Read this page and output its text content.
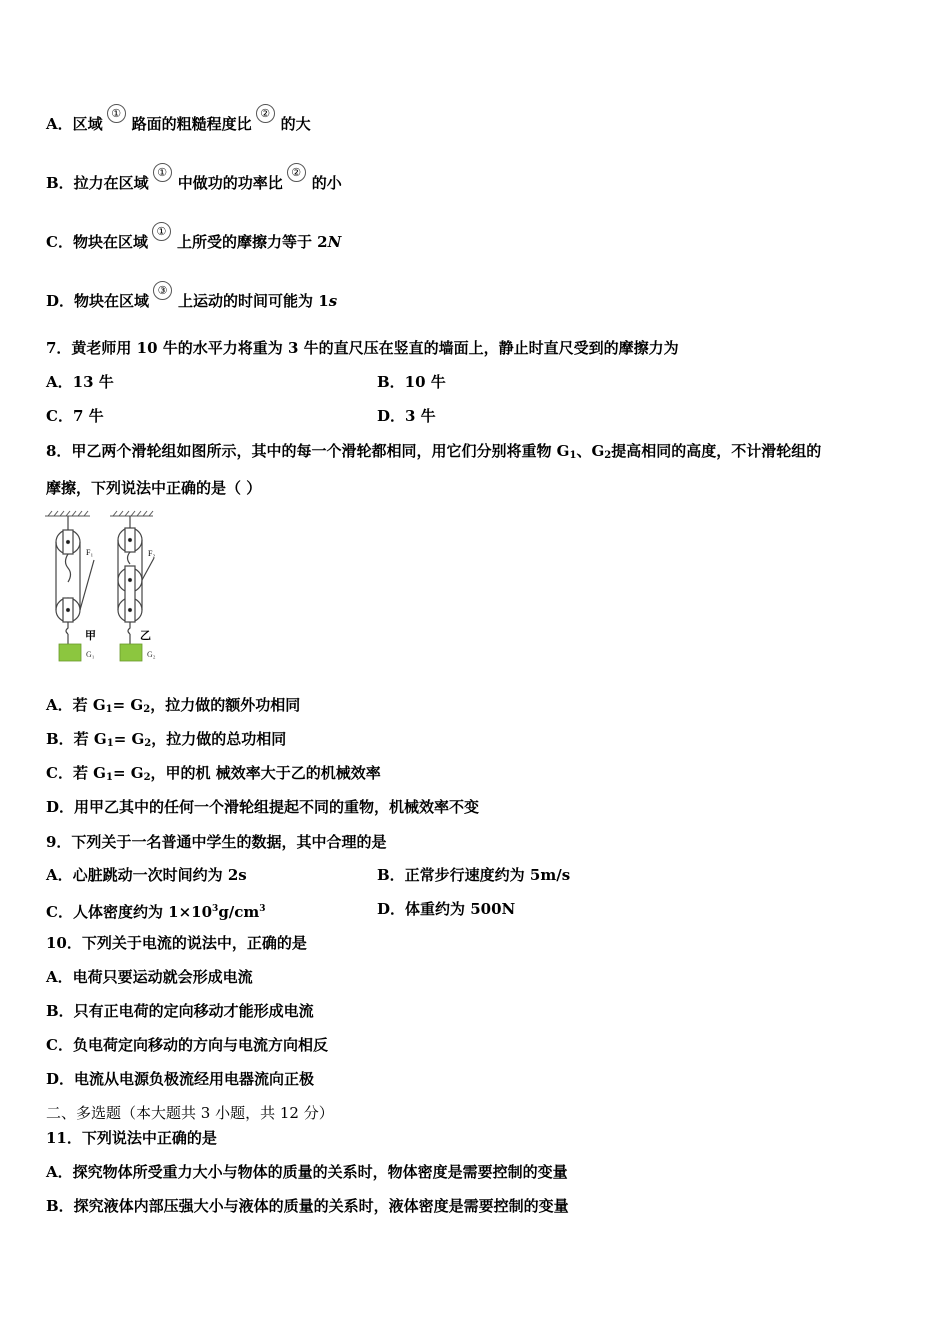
A．区域①路面的粗糙程度比②的大
B．拉力在区域①中做功的功率比②的小
C．物块在区域①上所受的摩擦力等于 2N
D．物块在区域③上运动的时间可能为 1s
7．黄老师用 10 牛的水平力将重为 3 牛的直尺压在竖直的墙面上，静止时直尺受到的摩擦力为
A．13 牛	B．10 牛
C．7 牛	D．3 牛
8．甲乙两个滑轮组如图所示，其中的每一个滑轮都相同，用它们分别将重物 $G_1$、$G_2$提高相同的高度，不计滑轮组的
摩擦，下列说法中正确的是（ ）
F₁
甲
G₁
F₂
乙
G₂
A．若 $G_1= G_2$，拉力做的额外功相同
B．若 $G_1= G_2$，拉力做的总功相同
C．若 $G_1= G_2$，甲的机 械效率大于乙的机械效率
D．用甲乙其中的任何一个滑轮组提起不同的重物，机械效率不变
9．下列关于一名普通中学生的数据，其中合理的是
A．心脏跳动一次时间约为 2s	B．正常步行速度约为 5m/s
C．人体密度约为 $1\times 10^3g/cm^3$	D．体重约为 500N
10．下列关于电流的说法中，正确的是
A．电荷只要运动就会形成电流
B．只有正电荷的定向移动才能形成电流
C．负电荷定向移动的方向与电流方向相反
D．电流从电源负极流经用电器流向正极
二、多选题（本大题共 3 小题，共 12 分）
11．下列说法中正确的是
A．探究物体所受重力大小与物体的质量的关系时，物体密度是需要控制的变量
B．探究液体内部压强大小与液体的质量的关系时，液体密度是需要控制的变量
